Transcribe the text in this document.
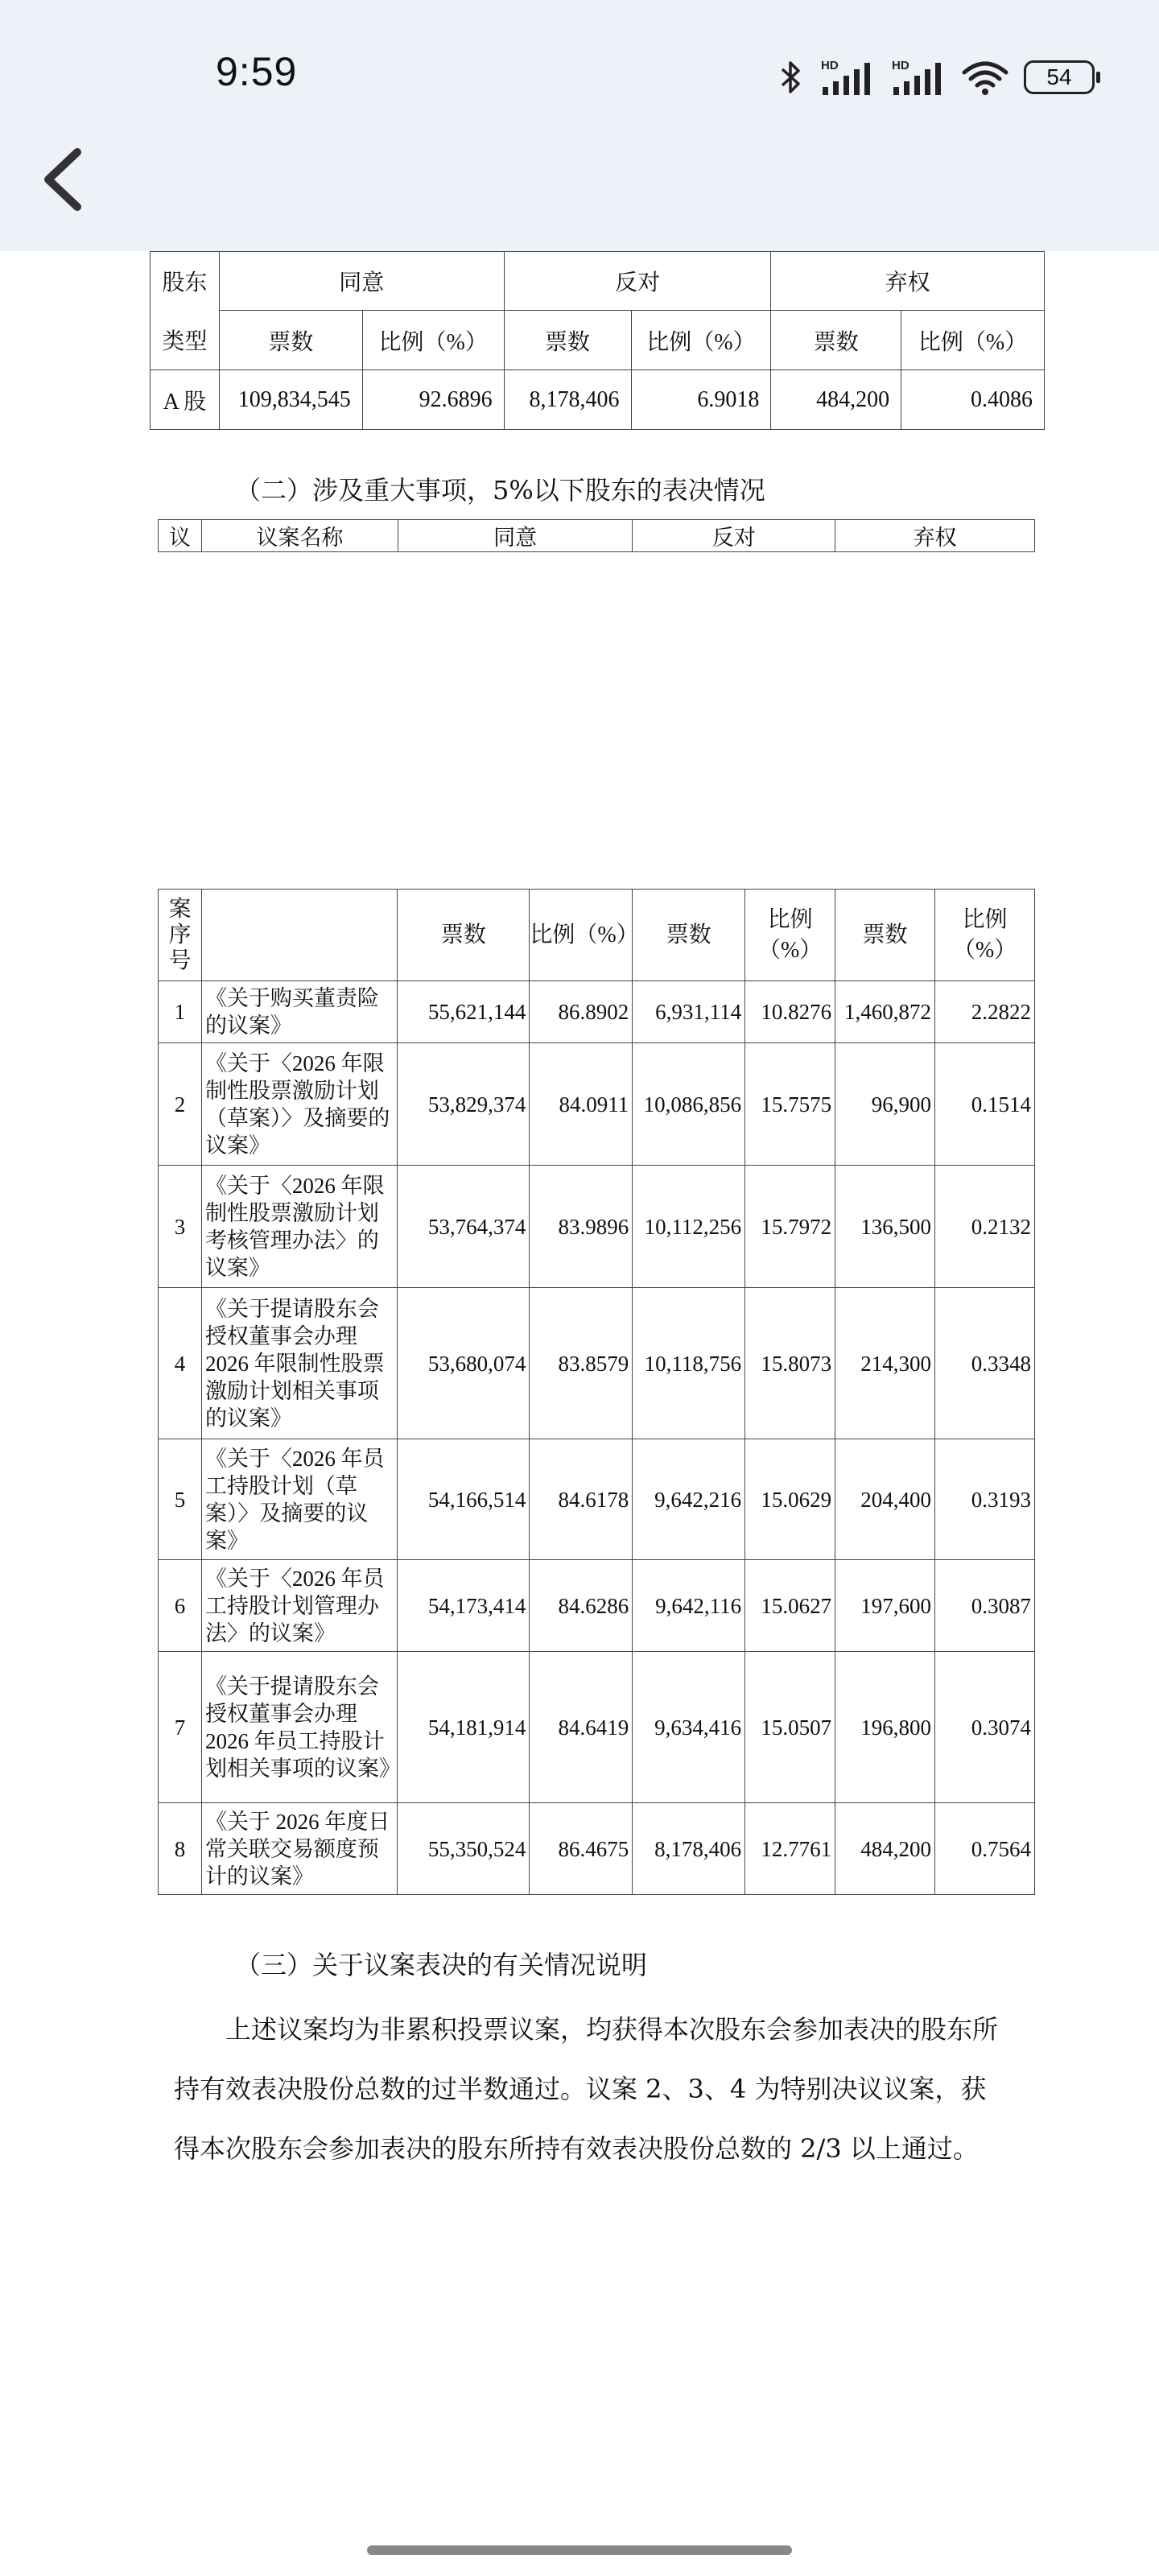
9:59	HD	HD	54
股东	同意		反对		弃权	
类型	票数	比例（%）	票数	比例（%）	票数	比例（%）
A 股	109,834,545	92.6896	8,178,406	6.9018	484,200	0.4086
（二）涉及重大事项，5%以下股东的表决情况
议	议案名称	同意	反对	弃权
案序号		票数	比例（%）	票数	比例（%）	票数	比例（%）
1	《关于购买董责险的议案》	55,621,144	86.8902	6,931,114	10.8276	1,460,872	2.2822
2	《关于〈2026 年限制性股票激励计划（草案）〉及摘要的议案》	53,829,374	84.0911	10,086,856	15.7575	96,900	0.1514
3	《关于〈2026 年限制性股票激励计划考核管理办法〉的议案》	53,764,374	83.9896	10,112,256	15.7972	136,500	0.2132
4	《关于提请股东会授权董事会办理2026 年限制性股票激励计划相关事项的议案》	53,680,074	83.8579	10,118,756	15.8073	214,300	0.3348
5	《关于〈2026 年员工持股计划（草案）〉及摘要的议案》	54,166,514	84.6178	9,642,216	15.0629	204,400	0.3193
6	《关于〈2026 年员工持股计划管理办法〉的议案》	54,173,414	84.6286	9,642,116	15.0627	197,600	0.3087
7	《关于提请股东会授权董事会办理2026 年员工持股计划相关事项的议案》	54,181,914	84.6419	9,634,416	15.0507	196,800	0.3074
8	《关于 2026 年度日常关联交易额度预计的议案》	55,350,524	86.4675	8,178,406	12.7761	484,200	0.7564
（三）关于议案表决的有关情况说明
上述议案均为非累积投票议案，均获得本次股东会参加表决的股东所持有效表决股份总数的过半数通过。议案 2、3、4 为特别决议议案，获得本次股东会参加表决的股东所持有效表决股份总数的 2/3 以上通过。
